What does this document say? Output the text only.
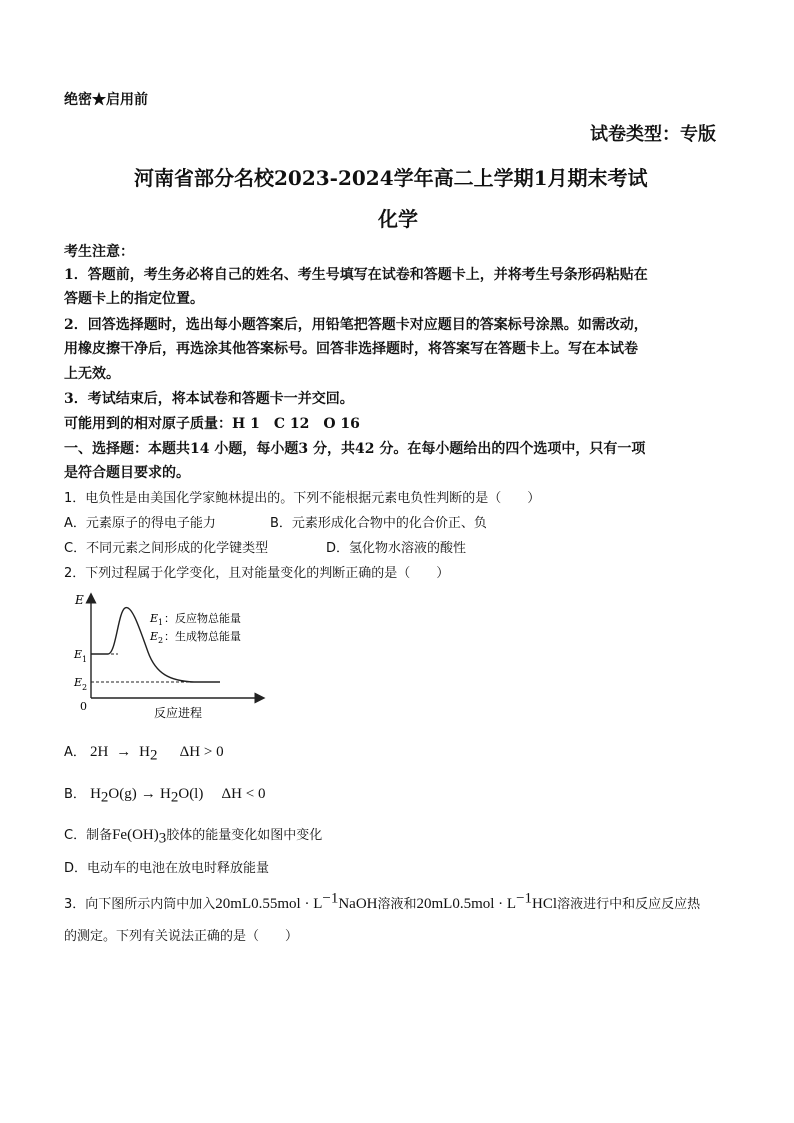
绝密★启用前
试卷类型：专版
河南省部分名校2023-2024学年高二上学期1月期末考试
化学
考生注意：
1．答题前，考生务必将自己的姓名、考生号填写在试卷和答题卡上，并将考生号条形码粘贴在
答题卡上的指定位置。
2．回答选择题时，选出每小题答案后，用铅笔把答题卡对应题目的答案标号涂黑。如需改动，
用橡皮擦干净后，再选涂其他答案标号。回答非选择题时，将答案写在答题卡上。写在本试卷
上无效。
3．考试结束后，将本试卷和答题卡一并交回。
可能用到的相对原子质量：H 1　C 12　O 16
一、选择题：本题共14 小题，每小题3 分，共42 分。在每小题给出的四个选项中，只有一项
是符合题目要求的。
1．电负性是由美国化学家鲍林提出的。下列不能根据元素电负性判断的是（　　）
A．元素原子的得电子能力	B．元素形成化合物中的化合价正、负
C．不同元素之间形成的化学键类型	D．氢化物水溶液的酸性
2．下列过程属于化学变化，且对能量变化的判断正确的是（　　）
E
0
E 1
E 2
E 1 ：反应物总能量
E 2 ：生成物总能量
反应进程
A． $2H \to H_2$ ΔH > 0
B． $H_2O(g) \to H_2O(l) \Delta H < 0$
C．制备$Fe(OH)_3$胶体的能量变化如图中变化
D．电动车的电池在放电时释放能量
3．向下图所示内筒中加入$20mL0.55mol \cdot L^{-1}NaOH$溶液和$20mL0.5mol \cdot L^{-1}HCl$溶液进行中和反应反应热
的测定。下列有关说法正确的是（　　）
